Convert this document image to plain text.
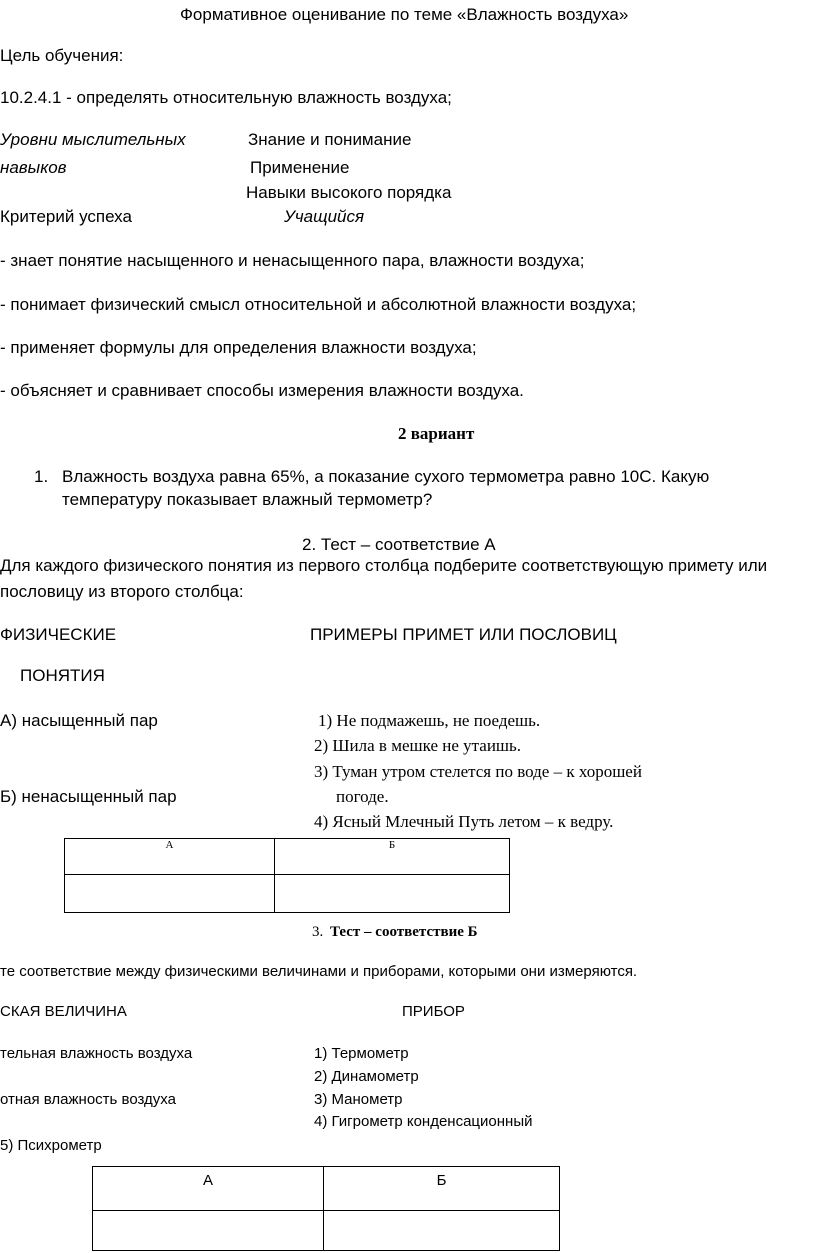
Формативное оценивание по теме «Влажность воздуха»
Цель обучения:
10.2.4.1 - определять относительную влажность воздуха;
Уровни мыслительных
навыков
Знание и понимание
Применение
Навыки высокого порядка
Критерий успеха	Учащийся
- знает понятие насыщенного и ненасыщенного пара, влажности воздуха;
- понимает физический смысл относительной и абсолютной влажности воздуха;
- применяет формулы для определения влажности воздуха;
- объясняет и сравнивает способы измерения влажности воздуха.
2 вариант
1. Влажность воздуха равна 65%, а показание сухого термометра равно 10С. Какую
температуру показывает влажный термометр?
2. Тест – соответствие А
Для каждого физического понятия из первого столбца подберите соответствующую примету или
пословицу из второго столбца:
ФИЗИЧЕСКИЕ	ПРИМЕРЫ ПРИМЕТ ИЛИ ПОСЛОВИЦ
ПОНЯТИЯ
А) насыщенный пар
Б) ненасыщенный пар
1) Не подмажешь, не поедешь.
2) Шила в мешке не утаишь.
3) Туман утром стелется по воде – к хорошей
погоде.
4) Ясный Млечный Путь летом – к ведру.
А	Б

3. Тест – соответствие Б
те соответствие между физическими величинами и приборами, которыми они измеряются.
СКАЯ ВЕЛИЧИНА	ПРИБОР
тельная влажность воздуха
отная влажность воздуха
1) Термометр
2) Динамометр
3) Манометр
4) Гигрометр конденсационный
5) Психрометр
А	Б
